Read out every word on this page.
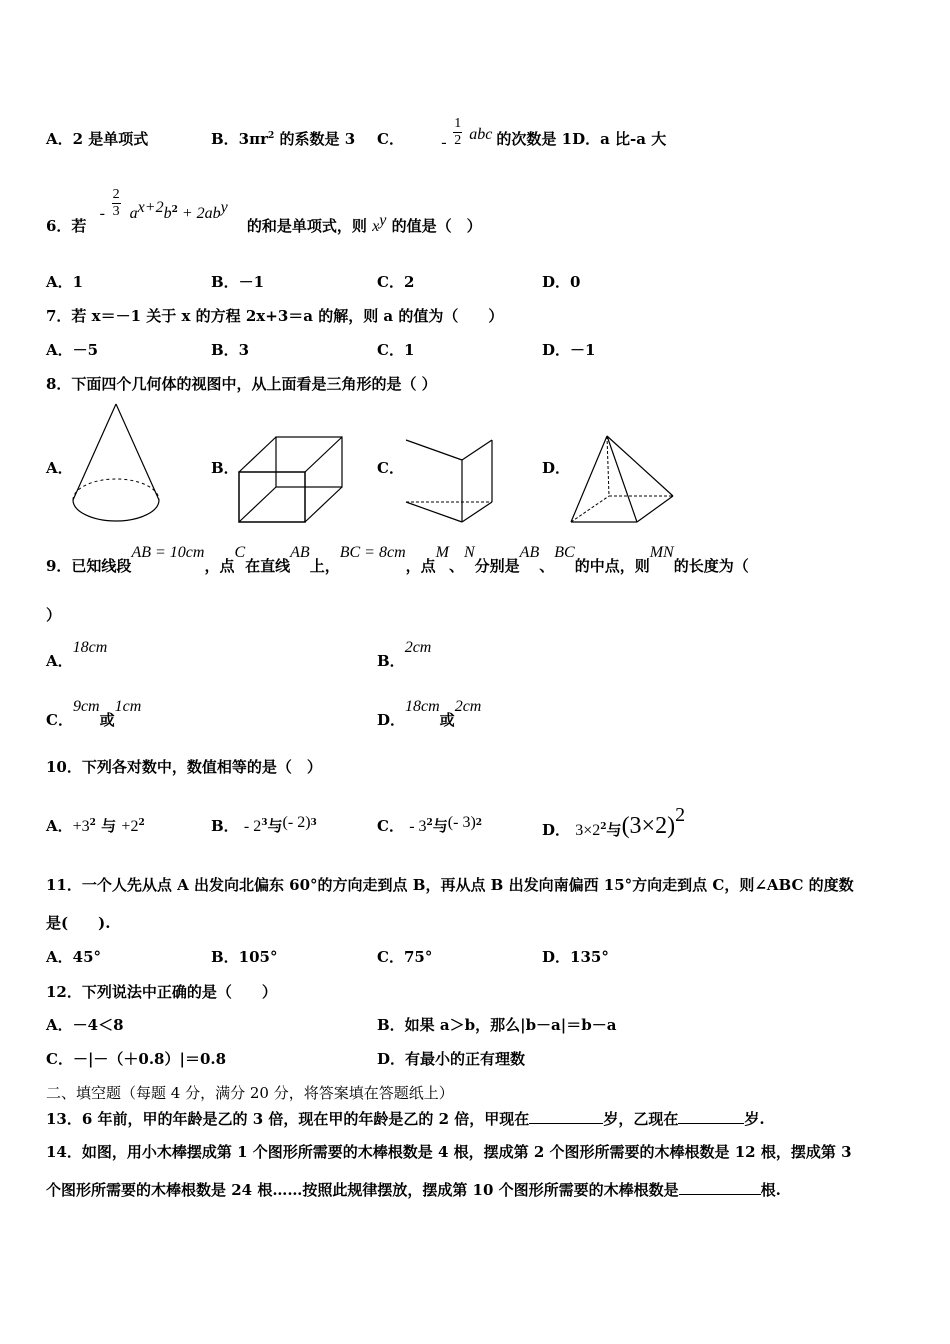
A．2 是单项式	B．$3\pi r^2$ 的系数是 3 C． - $\frac{1}{2}$ abc 的次数是 1D．a 比-a 大
6．若
- $\frac{2}{3} a^{x+2}b^2 + 2ab^y$
的和是单项式，则 $x^y$ 的值是（　）
A．1	B．－1	C．2	D．0
7．若 x＝－1 关于 x 的方程 2x+3＝a 的解，则 a 的值为（　　）
A．－5	B．3	C．1	D．－1
8．下面四个几何体的视图中，从上面看是三角形的是（ ）
A．	B．	C．	D．
9．已知线段AB = 10cm，点C在直线AB上，BC = 8cm，点M、N分别是AB、BC的中点，则MN的长度为（
）
A．18cm
B．2cm
C．9cm或1cm
D．18cm或2cm
10．下列各对数中，数值相等的是（　）
A．$+3^2$ 与 $+2^2$	B． - $2^3$与(- 2)$^3$	C． - $3^2$与(- 3)$^2$	D． $3\times 2^2$与(3×2)2
11．一个人先从点 A 出发向北偏东 60°的方向走到点 B，再从点 B 出发向南偏西 15°方向走到点 C，则∠ABC 的度数
是(　　).
A．45°	B．105°	C．75°	D．135°
12．下列说法中正确的是（　　）
A．－4＜8	B．如果 a＞b，那么|b－a|＝b－a
C．－|－（＋0.8）|＝0.8	D．有最小的正有理数
二、填空题（每题 4 分，满分 20 分，将答案填在答题纸上）
13．6 年前，甲的年龄是乙的 3 倍，现在甲的年龄是乙的 2 倍，甲现在	岁，乙现在	岁.
14．如图，用小木棒摆成第 1 个图形所需要的木棒根数是 4 根，摆成第 2 个图形所需要的木棒根数是 12 根，摆成第 3
个图形所需要的木棒根数是 24 根……按照此规律摆放，摆成第 10 个图形所需要的木棒根数是	根.
